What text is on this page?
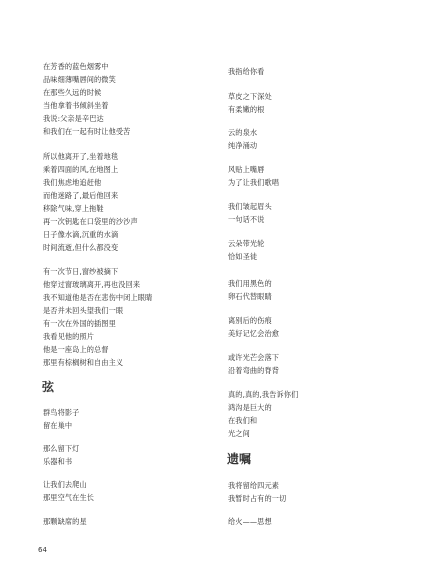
在芳香的蓝色烟雾中
品味细薄嘴唇间的微笑
在那些久远的时候
当他拿着书倾斜坐着
我说:父亲是辛巴达
和我们在一起有时让他受苦
所以他离开了,坐着地毯
乘着四面的风,在地图上
我们焦虑地追赶他
而他迷路了,最后他回来
移除气味,穿上拖鞋
再一次钥匙在口袋里的沙沙声
日子像水滴,沉重的水滴
时间流逝,但什么都没变
有一次节日,窗纱被摘下
他穿过窗玻璃离开,再也没回来
我不知道他是否在悲伤中闭上眼睛
是否并未回头望我们一眼
有一次在外国的插图里
我看见他的照片
他是一座岛上的总督
那里有棕榈树和自由主义
弦
群鸟将影子
留在巢中
那么留下灯
乐器和书
让我们去爬山
那里空气在生长
那颗缺席的星
64
我指给你看
草皮之下深处
有柔嫩的根
云的泉水
纯净涌动
风贴上嘴唇
为了让我们歌唱
我们皱起眉头
一句话不说
云朵带光轮
恰如圣徒
我们用黑色的
卵石代替眼睛
离别后的伤痕
美好记忆会治愈
或许光芒会落下
沿着弯曲的脊背
真的,真的,我告诉你们
鸿沟是巨大的
在我们和
光之间
遗嘱
我将留给四元素
我暂时占有的一切
给火——思想
